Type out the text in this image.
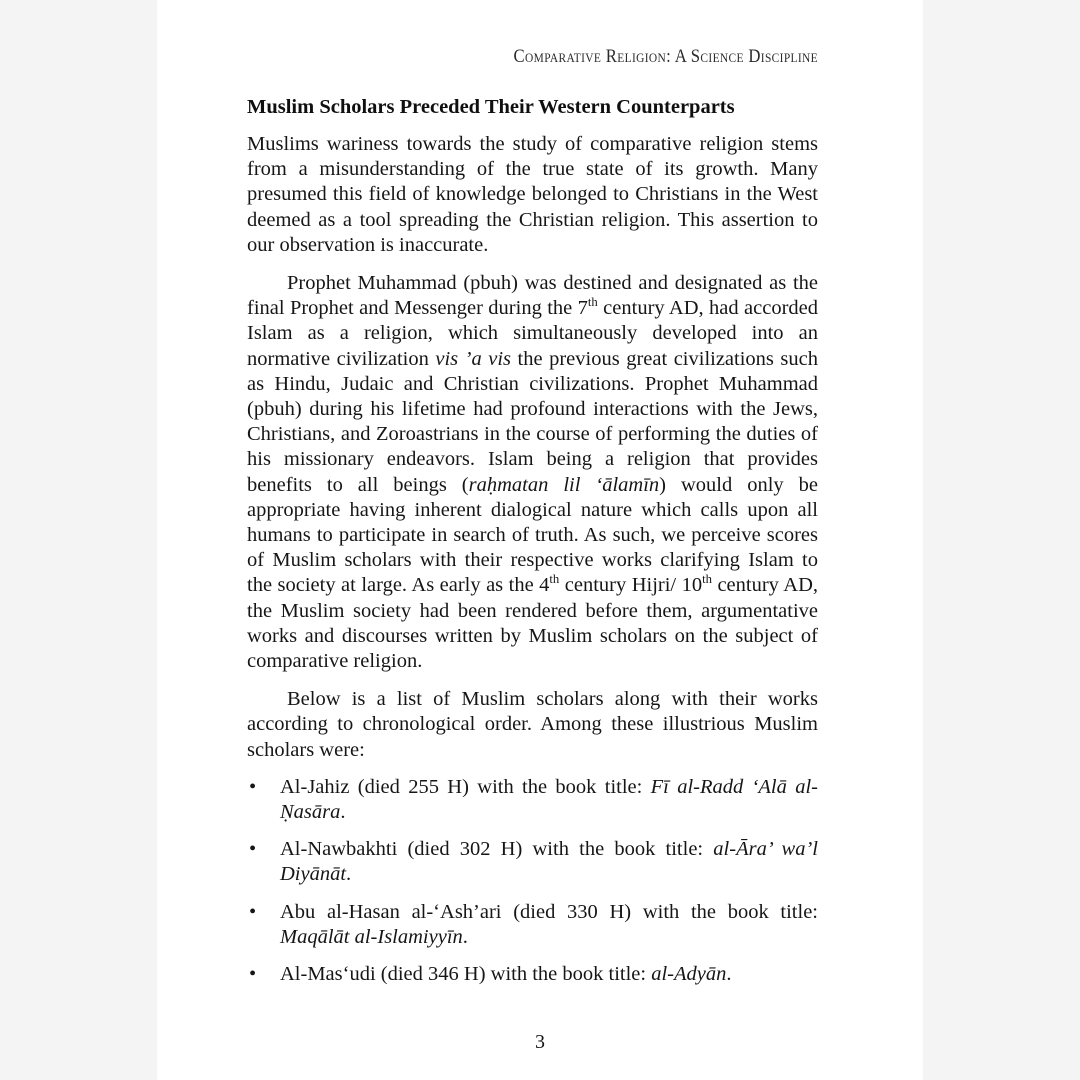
Comparative Religion: A Science Discipline
Muslim Scholars Preceded Their Western Counterparts

Muslims wariness towards the study of comparative religion stems from a misunderstanding of the true state of its growth. Many presumed this field of knowledge belonged to Christians in the West deemed as a tool spreading the Christian religion. This assertion to our observation is inaccurate.

Prophet Muhammad (pbuh) was destined and designated as the final Prophet and Messenger during the 7th century AD, had accorded Islam as a religion, which simultaneously developed into an normative civilization vis ’a vis the previous great civilizations such as Hindu, Judaic and Christian civilizations. Prophet Muhammad (pbuh) during his lifetime had profound interactions with the Jews, Christians, and Zoroastrians in the course of performing the duties of his missionary endeavors. Islam being a religion that provides benefits to all beings (raḥmatan lil ʻālamīn) would only be appropriate having inherent dialogical nature which calls upon all humans to participate in search of truth. As such, we perceive scores of Muslim scholars with their respective works clarifying Islam to the society at large. As early as the 4th century Hijri/ 10th century AD, the Muslim society had been rendered before them, argumentative works and discourses written by Muslim scholars on the subject of comparative religion.

Below is a list of Muslim scholars along with their works according to chronological order. Among these illustrious Muslim scholars were:

• Al-Jahiz (died 255 H) with the book title: Fī al-Radd ʻAlā al-Ṇasāra.
• Al-Nawbakhti (died 302 H) with the book title: al-Āra’ wa’l Diyānāt.
• Abu al-Hasan al-ʻAsh’ari (died 330 H) with the book title: Maqālāt al-Islamiyyīn.
• Al-Masʻudi (died 346 H) with the book title: al-Adyān.
3
